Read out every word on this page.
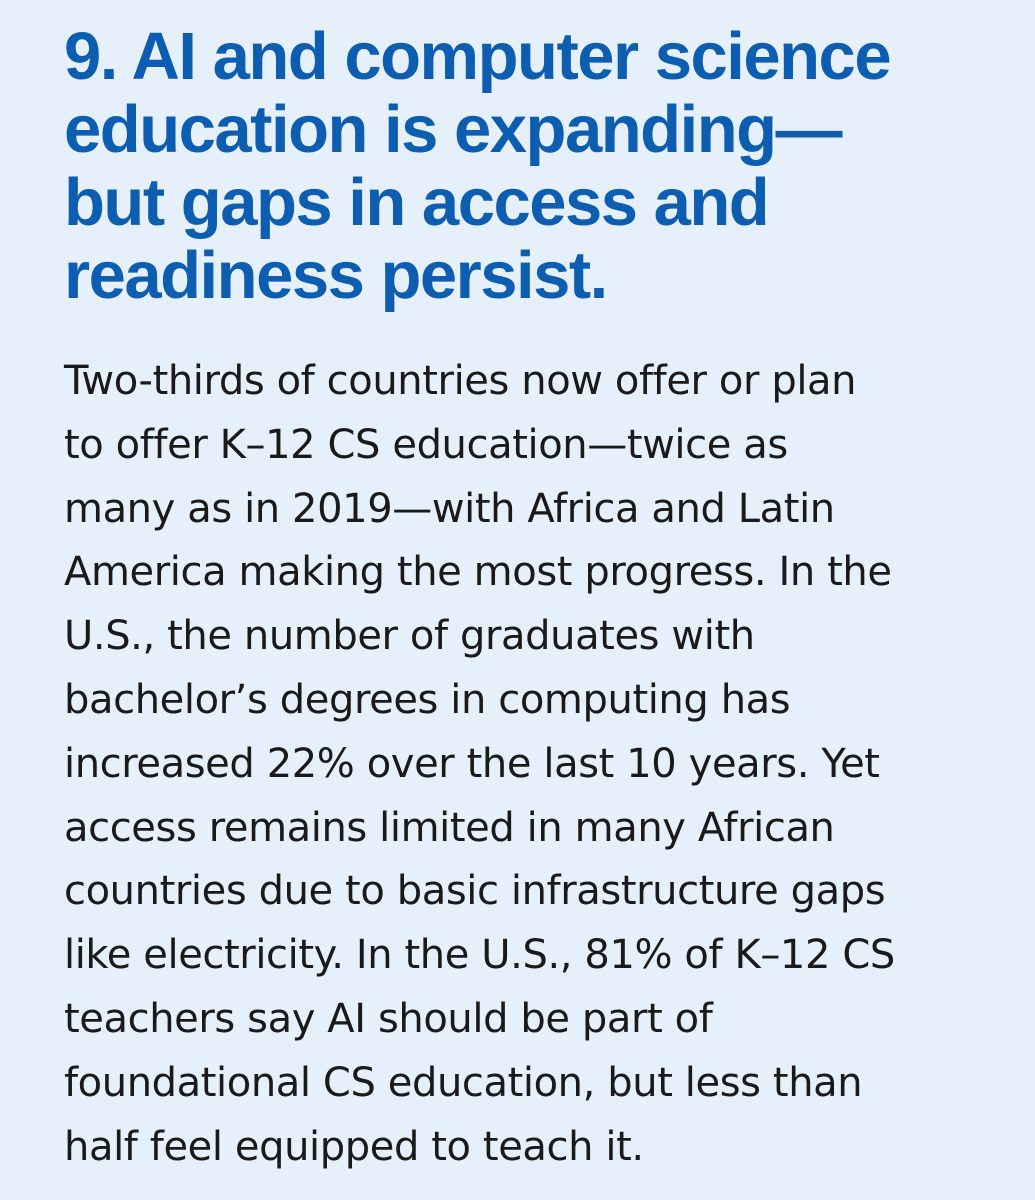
9. AI and computer science
education is expanding—
but gaps in access and
readiness persist.

Two-thirds of countries now offer or plan
to offer K–12 CS education—twice as
many as in 2019—with Africa and Latin
America making the most progress. In the
U.S., the number of graduates with
bachelor’s degrees in computing has
increased 22% over the last 10 years. Yet
access remains limited in many African
countries due to basic infrastructure gaps
like electricity. In the U.S., 81% of K–12 CS
teachers say AI should be part of
foundational CS education, but less than
half feel equipped to teach it.
